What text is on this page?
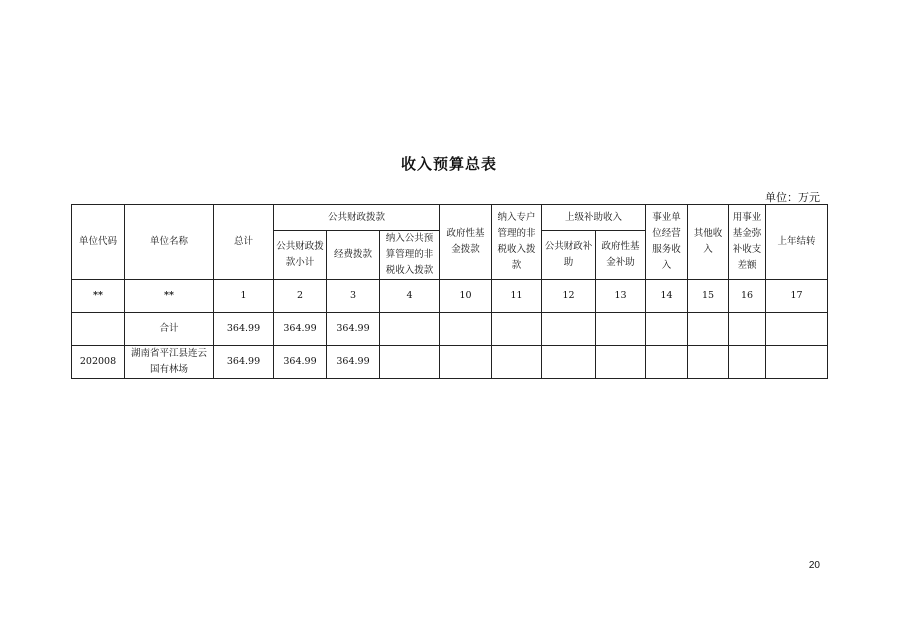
收入预算总表
单位：万元
单位代码	单位名称	总计	公共财政拨款			政府性基金拨款	纳入专户管理的非税收入拨款	上级补助收入		事业单位经营服务收入	其他收入	用事业基金弥补收支差额	上年结转
			公共财政拨款小计	经费拨款	纳入公共预算管理的非税收入拨款								
								公共财政补助	政府性基金补助				
**	**	1	2	3	4	10	11	12	13	14	15	16	17
	合计	364.99	364.99	364.99									
202008	湖南省平江县连云国有林场	364.99	364.99	364.99									
20
